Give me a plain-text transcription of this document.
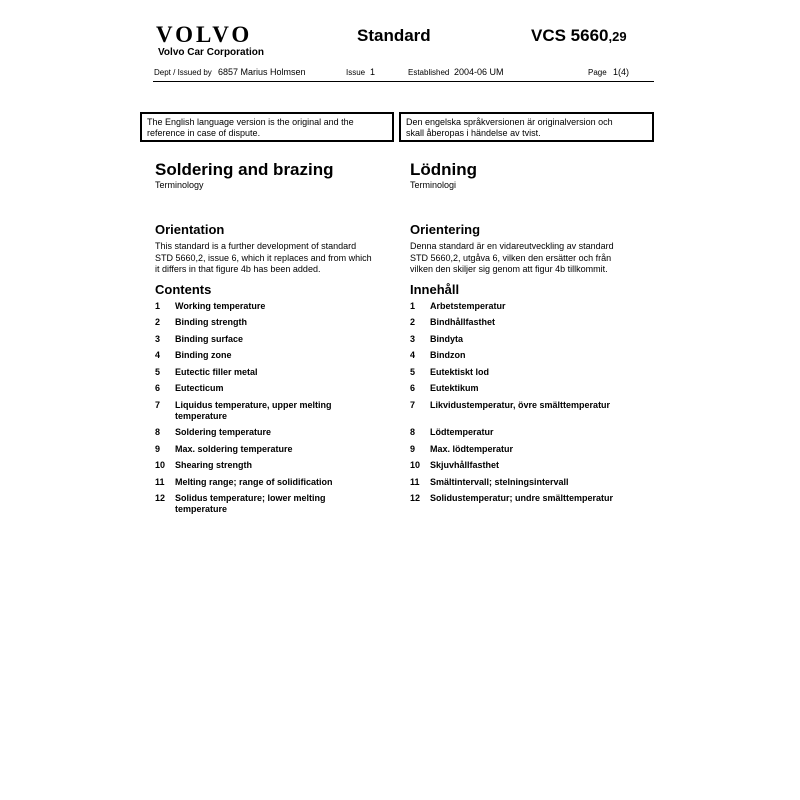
VOLVO
Volvo Car Corporation
Standard	VCS 5660,29
Dept / Issued by 6857 Marius Holmsen	Issue 1	Established 2004-06 UM	Page 1(4)
The English language version is the original and the
reference in case of dispute.
Den engelska språkversionen är originalversion och
skall åberopas i händelse av tvist.
Soldering and brazing
Terminology
Orientation
This standard is a further development of standard
STD 5660,2, issue 6, which it replaces and from which
it differs in that figure 4b has been added.
Contents
1 Working temperature
2 Binding strength
3 Binding surface
4 Binding zone
5 Eutectic filler metal
6 Eutecticum
7 Liquidus temperature, upper melting
temperature
8 Soldering temperature
9 Max. soldering temperature
10 Shearing strength
11 Melting range; range of solidification
12 Solidus temperature; lower melting
temperature
Lödning
Terminologi
Orientering
Denna standard är en vidareutveckling av standard
STD 5660,2, utgåva 6, vilken den ersätter och från
vilken den skiljer sig genom att figur 4b tillkommit.
Innehåll
1 Arbetstemperatur
2 Bindhållfasthet
3 Bindyta
4 Bindzon
5 Eutektiskt lod
6 Eutektikum
7 Likvidustemperatur, övre smälttemperatur
8 Lödtemperatur
9 Max. lödtemperatur
10 Skjuvhållfasthet
11 Smältintervall; stelningsintervall
12 Solidustemperatur; undre smälttemperatur
